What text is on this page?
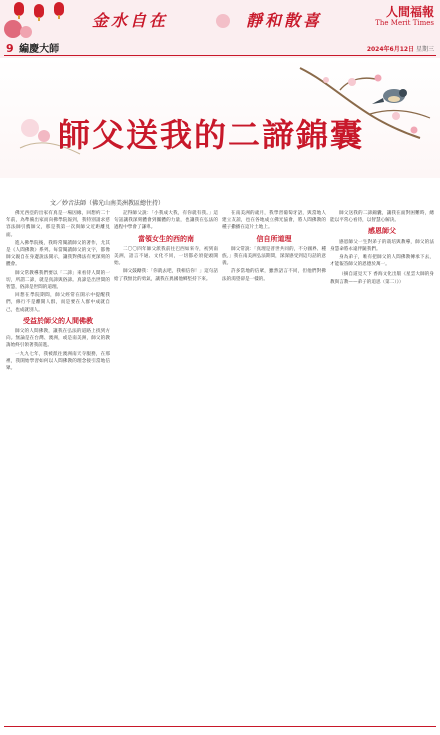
金水自在	靜和散喜	人間福報
The Merit Times
9 編慶大師	2024年6月12日 星期三
師父送我的二諦錦囊
文／妙音法師（佛光山南美洲教區總住持）

佛光西亞的出家有真是一場因緣，回想約二十年前，為準備出家而向佛學院報到，我特別請求慈容法師引薦師父，那是我第一次與師父近距離見面。

進入佛學院後，我時常閱讀師父的著作，尤其是《人間佛教》系列。每當閱讀師父的文字，都像師父親自在身邊說法開示，讓我對佛法有更深刻的體會。

師父常教導我們要以「二諦」來看待人間的一切，所謂二諦，就是真諦與俗諦。真諦是出世間的智慧，俗諦是世間的道理。

回想在學院期間，師父經常在開示中提醒我們，修行不是離開人群，而是要在人群中成就自己，也成就別人。

受益於師父的人間佛教

師父的人間佛教，讓我在弘法的道路上找到方向。無論是在台灣、澳洲，或是南美洲，師父的教誨始終引領著我前進。

一九九七年，我被派往澳洲南天寺服務，在那裡，我開始學習如何以人間佛教的理念接引當地信眾。

記得師父說：「小我成大我，有你就有我。」這句話讓我深刻體會到團體的力量，也讓我在弘法的過程中學會了謙卑。

當領女生的西的南

二〇〇四年師父派我前往巴西如來寺，初到南美洲，語言不通、文化不同，一切都必須從頭開始。

師父鼓勵我：「你就去吧，我相信你！」這句話給了我無比的勇氣，讓我在異國他鄉堅持下來。

在南美洲的歲月，我學習葡萄牙語，與當地人建立友誼，也在各地成立佛光協會，將人間佛教的種子撒播在這片土地上。

信自所道理

師父常說：「真理是普世共同的，不分國界、種族。」我在南美洲弘法期間，深深感受到這句話的意義。

許多當地的信眾，雖然語言不同，但他們對佛法的渴望卻是一樣的。

師父送我的二諦錦囊，讓我在面對困難時，總能以平常心看待，以智慧心解決。

感恩師父

感恩師父一生對弟子的栽培與教導，師父的法身慧命將永遠伴隨我們。

身為弟子，唯有把師父的人間佛教傳承下去，才能報答師父的恩德於萬一。

（摘自道見天下 香海文化出版《星雲大師的身教與言教——弟子的追思（第二）》）
